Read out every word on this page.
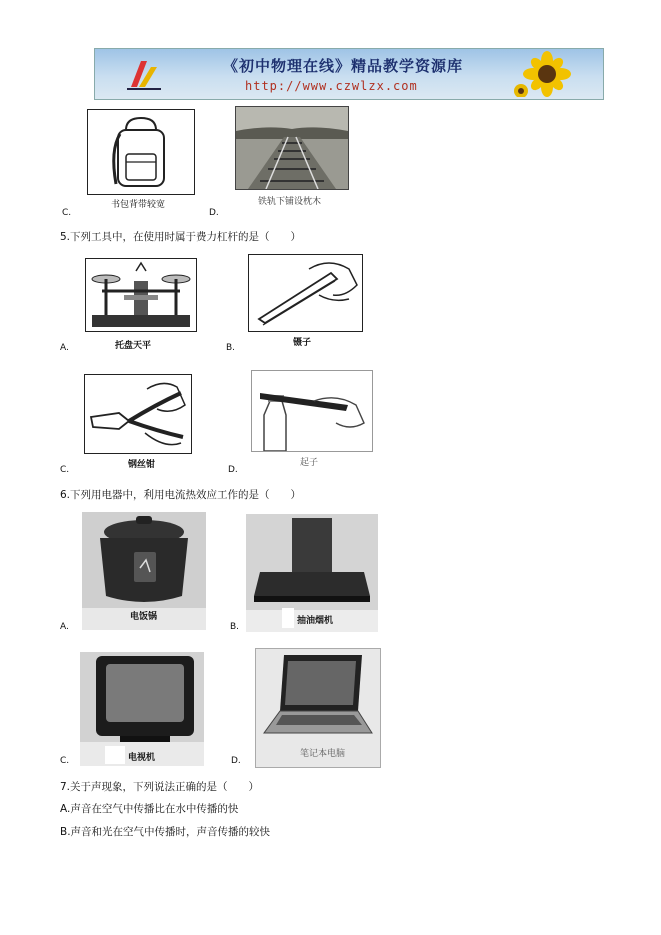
《初中物理在线》精品教学资源库
http://www.czwlzx.com
书包背带较宽
C.
铁轨下铺设枕木
D.
5.下列工具中，在使用时属于费力杠杆的是（　　）
托盘天平
A.	镊子
B.
钢丝钳
C.
起子
D.
6.下列用电器中，利用电流热效应工作的是（　　）
电饭锅
A.
抽油烟机
B.
电视机
C.
笔记本电脑
D.
7.关于声现象，下列说法正确的是（　　）
A.声音在空气中传播比在水中传播的快
B.声音和光在空气中传播时，声音传播的较快
